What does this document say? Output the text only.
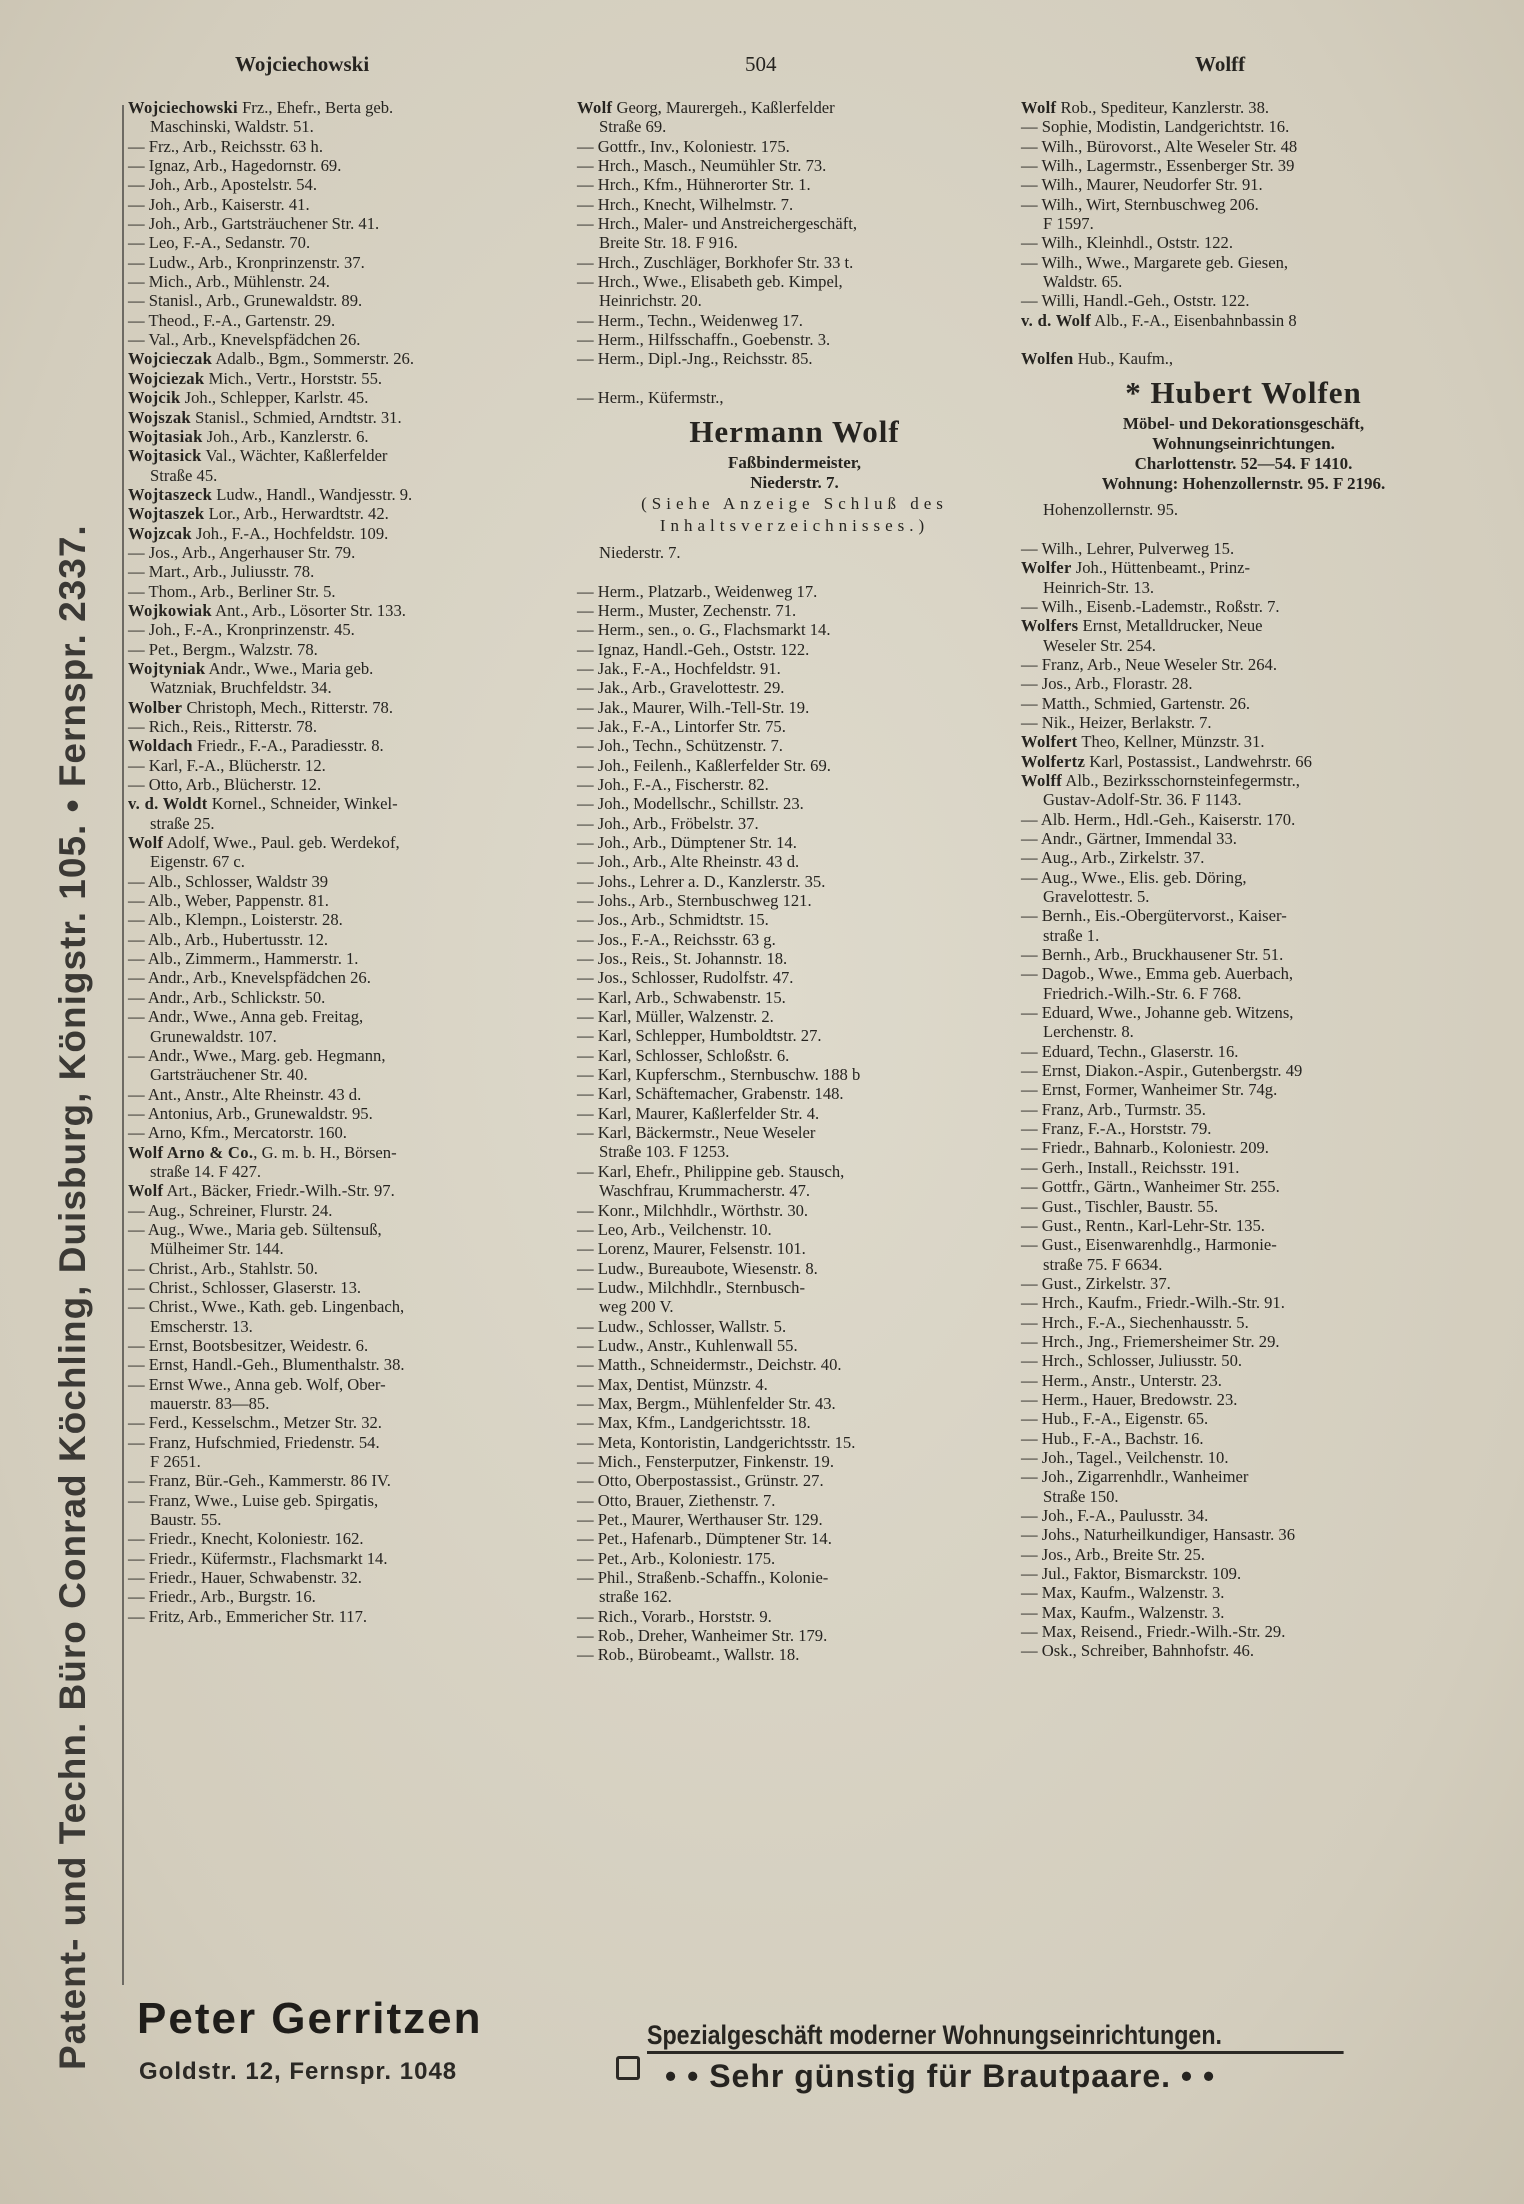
Patent- und Techn. Büro Conrad Köchling, Duisburg, Königstr. 105. • Fernspr. 2337.
Wojciechowski	504	Wolff
Wojciechowski Frz., Ehefr., Berta geb.
Maschinski, Waldstr. 51.
— Frz., Arb., Reichsstr. 63 h.
— Ignaz, Arb., Hagedornstr. 69.
— Joh., Arb., Apostelstr. 54.
— Joh., Arb., Kaiserstr. 41.
— Joh., Arb., Gartsträuchener Str. 41.
— Leo, F.-A., Sedanstr. 70.
— Ludw., Arb., Kronprinzenstr. 37.
— Mich., Arb., Mühlenstr. 24.
— Stanisl., Arb., Grunewaldstr. 89.
— Theod., F.-A., Gartenstr. 29.
— Val., Arb., Knevelspfädchen 26.
Wojcieczak Adalb., Bgm., Sommerstr. 26.
Wojciezak Mich., Vertr., Horststr. 55.
Wojcik Joh., Schlepper, Karlstr. 45.
Wojszak Stanisl., Schmied, Arndtstr. 31.
Wojtasiak Joh., Arb., Kanzlerstr. 6.
Wojtasick Val., Wächter, Kaßlerfelder
Straße 45.
Wojtaszeck Ludw., Handl., Wandjesstr. 9.
Wojtaszek Lor., Arb., Herwardtstr. 42.
Wojzcak Joh., F.-A., Hochfeldstr. 109.
— Jos., Arb., Angerhauser Str. 79.
— Mart., Arb., Juliusstr. 78.
— Thom., Arb., Berliner Str. 5.
Wojkowiak Ant., Arb., Lösorter Str. 133.
— Joh., F.-A., Kronprinzenstr. 45.
— Pet., Bergm., Walzstr. 78.
Wojtyniak Andr., Wwe., Maria geb.
Watzniak, Bruchfeldstr. 34.
Wolber Christoph, Mech., Ritterstr. 78.
— Rich., Reis., Ritterstr. 78.
Woldach Friedr., F.-A., Paradiesstr. 8.
— Karl, F.-A., Blücherstr. 12.
— Otto, Arb., Blücherstr. 12.
v. d. Woldt Kornel., Schneider, Winkel-
straße 25.
Wolf Adolf, Wwe., Paul. geb. Werdekof,
Eigenstr. 67 c.
— Alb., Schlosser, Waldstr 39
— Alb., Weber, Pappenstr. 81.
— Alb., Klempn., Loisterstr. 28.
— Alb., Arb., Hubertusstr. 12.
— Alb., Zimmerm., Hammerstr. 1.
— Andr., Arb., Knevelspfädchen 26.
— Andr., Arb., Schlickstr. 50.
— Andr., Wwe., Anna geb. Freitag,
Grunewaldstr. 107.
— Andr., Wwe., Marg. geb. Hegmann,
Gartsträuchener Str. 40.
— Ant., Anstr., Alte Rheinstr. 43 d.
— Antonius, Arb., Grunewaldstr. 95.
— Arno, Kfm., Mercatorstr. 160.
Wolf Arno & Co., G. m. b. H., Börsen-
straße 14. F 427.
Wolf Art., Bäcker, Friedr.-Wilh.-Str. 97.
— Aug., Schreiner, Flurstr. 24.
— Aug., Wwe., Maria geb. Sültensuß,
Mülheimer Str. 144.
— Christ., Arb., Stahlstr. 50.
— Christ., Schlosser, Glaserstr. 13.
— Christ., Wwe., Kath. geb. Lingenbach,
Emscherstr. 13.
— Ernst, Bootsbesitzer, Weidestr. 6.
— Ernst, Handl.-Geh., Blumenthalstr. 38.
— Ernst Wwe., Anna geb. Wolf, Ober-
mauerstr. 83—85.
— Ferd., Kesselschm., Metzer Str. 32.
— Franz, Hufschmied, Friedenstr. 54.
F 2651.
— Franz, Bür.-Geh., Kammerstr. 86 IV.
— Franz, Wwe., Luise geb. Spirgatis,
Baustr. 55.
— Friedr., Knecht, Koloniestr. 162.
— Friedr., Küfermstr., Flachsmarkt 14.
— Friedr., Hauer, Schwabenstr. 32.
— Friedr., Arb., Burgstr. 16.
— Fritz, Arb., Emmericher Str. 117.
Wolf Georg, Maurergeh., Kaßlerfelder
Straße 69.
— Gottfr., Inv., Koloniestr. 175.
— Hrch., Masch., Neumühler Str. 73.
— Hrch., Kfm., Hühnerorter Str. 1.
— Hrch., Knecht, Wilhelmstr. 7.
— Hrch., Maler- und Anstreichergeschäft,
Breite Str. 18. F 916.
— Hrch., Zuschläger, Borkhofer Str. 33 t.
— Hrch., Wwe., Elisabeth geb. Kimpel,
Heinrichstr. 20.
— Herm., Techn., Weidenweg 17.
— Herm., Hilfsschaffn., Goebenstr. 3.
— Herm., Dipl.-Jng., Reichsstr. 85.
— Herm., Küfermstr.,
Hermann Wolf
Faßbindermeister,
Niederstr. 7.
(Siehe Anzeige Schluß des
Inhaltsverzeichnisses.)
Niederstr. 7.
— Herm., Platzarb., Weidenweg 17.
— Herm., Muster, Zechenstr. 71.
— Herm., sen., o. G., Flachsmarkt 14.
— Ignaz, Handl.-Geh., Oststr. 122.
— Jak., F.-A., Hochfeldstr. 91.
— Jak., Arb., Gravelottestr. 29.
— Jak., Maurer, Wilh.-Tell-Str. 19.
— Jak., F.-A., Lintorfer Str. 75.
— Joh., Techn., Schützenstr. 7.
— Joh., Feilenh., Kaßlerfelder Str. 69.
— Joh., F.-A., Fischerstr. 82.
— Joh., Modellschr., Schillstr. 23.
— Joh., Arb., Fröbelstr. 37.
— Joh., Arb., Dümptener Str. 14.
— Joh., Arb., Alte Rheinstr. 43 d.
— Johs., Lehrer a. D., Kanzlerstr. 35.
— Johs., Arb., Sternbuschweg 121.
— Jos., Arb., Schmidtstr. 15.
— Jos., F.-A., Reichsstr. 63 g.
— Jos., Reis., St. Johannstr. 18.
— Jos., Schlosser, Rudolfstr. 47.
— Karl, Arb., Schwabenstr. 15.
— Karl, Müller, Walzenstr. 2.
— Karl, Schlepper, Humboldtstr. 27.
— Karl, Schlosser, Schloßstr. 6.
— Karl, Kupferschm., Sternbuschw. 188 b
— Karl, Schäftemacher, Grabenstr. 148.
— Karl, Maurer, Kaßlerfelder Str. 4.
— Karl, Bäckermstr., Neue Weseler
Straße 103. F 1253.
— Karl, Ehefr., Philippine geb. Stausch,
Waschfrau, Krummacherstr. 47.
— Konr., Milchhdlr., Wörthstr. 30.
— Leo, Arb., Veilchenstr. 10.
— Lorenz, Maurer, Felsenstr. 101.
— Ludw., Bureaubote, Wiesenstr. 8.
— Ludw., Milchhdlr., Sternbusch-
weg 200 V.
— Ludw., Schlosser, Wallstr. 5.
— Ludw., Anstr., Kuhlenwall 55.
— Matth., Schneidermstr., Deichstr. 40.
— Max, Dentist, Münzstr. 4.
— Max, Bergm., Mühlenfelder Str. 43.
— Max, Kfm., Landgerichtsstr. 18.
— Meta, Kontoristin, Landgerichtsstr. 15.
— Mich., Fensterputzer, Finkenstr. 19.
— Otto, Oberpostassist., Grünstr. 27.
— Otto, Brauer, Ziethenstr. 7.
— Pet., Maurer, Werthauser Str. 129.
— Pet., Hafenarb., Dümptener Str. 14.
— Pet., Arb., Koloniestr. 175.
— Phil., Straßenb.-Schaffn., Kolonie-
straße 162.
— Rich., Vorarb., Horststr. 9.
— Rob., Dreher, Wanheimer Str. 179.
— Rob., Bürobeamt., Wallstr. 18.
Wolf Rob., Spediteur, Kanzlerstr. 38.
— Sophie, Modistin, Landgerichtstr. 16.
— Wilh., Bürovorst., Alte Weseler Str. 48
— Wilh., Lagermstr., Essenberger Str. 39
— Wilh., Maurer, Neudorfer Str. 91.
— Wilh., Wirt, Sternbuschweg 206.
F 1597.
— Wilh., Kleinhdl., Oststr. 122.
— Wilh., Wwe., Margarete geb. Giesen,
Waldstr. 65.
— Willi, Handl.-Geh., Oststr. 122.
v. d. Wolf Alb., F.-A., Eisenbahnbassin 8
Wolfen Hub., Kaufm.,
* Hubert Wolfen
Möbel- und Dekorationsgeschäft,
Wohnungseinrichtungen.
Charlottenstr. 52—54. F 1410.
Wohnung: Hohenzollernstr. 95. F 2196.
Hohenzollernstr. 95.
— Wilh., Lehrer, Pulverweg 15.
Wolfer Joh., Hüttenbeamt., Prinz-
Heinrich-Str. 13.
— Wilh., Eisenb.-Lademstr., Roßstr. 7.
Wolfers Ernst, Metalldrucker, Neue
Weseler Str. 254.
— Franz, Arb., Neue Weseler Str. 264.
— Jos., Arb., Florastr. 28.
— Matth., Schmied, Gartenstr. 26.
— Nik., Heizer, Berlakstr. 7.
Wolfert Theo, Kellner, Münzstr. 31.
Wolfertz Karl, Postassist., Landwehrstr. 66
Wolff Alb., Bezirksschornsteinfegermstr.,
Gustav-Adolf-Str. 36. F 1143.
— Alb. Herm., Hdl.-Geh., Kaiserstr. 170.
— Andr., Gärtner, Immendal 33.
— Aug., Arb., Zirkelstr. 37.
— Aug., Wwe., Elis. geb. Döring,
Gravelottestr. 5.
— Bernh., Eis.-Obergütervorst., Kaiser-
straße 1.
— Bernh., Arb., Bruckhausener Str. 51.
— Dagob., Wwe., Emma geb. Auerbach,
Friedrich.-Wilh.-Str. 6. F 768.
— Eduard, Wwe., Johanne geb. Witzens,
Lerchenstr. 8.
— Eduard, Techn., Glaserstr. 16.
— Ernst, Diakon.-Aspir., Gutenbergstr. 49
— Ernst, Former, Wanheimer Str. 74g.
— Franz, Arb., Turmstr. 35.
— Franz, F.-A., Horststr. 79.
— Friedr., Bahnarb., Koloniestr. 209.
— Gerh., Install., Reichsstr. 191.
— Gottfr., Gärtn., Wanheimer Str. 255.
— Gust., Tischler, Baustr. 55.
— Gust., Rentn., Karl-Lehr-Str. 135.
— Gust., Eisenwarenhdlg., Harmonie-
straße 75. F 6634.
— Gust., Zirkelstr. 37.
— Hrch., Kaufm., Friedr.-Wilh.-Str. 91.
— Hrch., F.-A., Siechenhausstr. 5.
— Hrch., Jng., Friemersheimer Str. 29.
— Hrch., Schlosser, Juliusstr. 50.
— Herm., Anstr., Unterstr. 23.
— Herm., Hauer, Bredowstr. 23.
— Hub., F.-A., Eigenstr. 65.
— Hub., F.-A., Bachstr. 16.
— Joh., Tagel., Veilchenstr. 10.
— Joh., Zigarrenhdlr., Wanheimer
Straße 150.
— Joh., F.-A., Paulusstr. 34.
— Johs., Naturheilkundiger, Hansastr. 36
— Jos., Arb., Breite Str. 25.
— Jul., Faktor, Bismarckstr. 109.
— Max, Kaufm., Walzenstr. 3.
— Max, Kaufm., Walzenstr. 3.
— Max, Reisend., Friedr.-Wilh.-Str. 29.
— Osk., Schreiber, Bahnhofstr. 46.
Peter Gerritzen
Goldstr. 12, Fernspr. 1048
Spezialgeschäft moderner Wohnungseinrichtungen.
• • Sehr günstig für Brautpaare. • •
